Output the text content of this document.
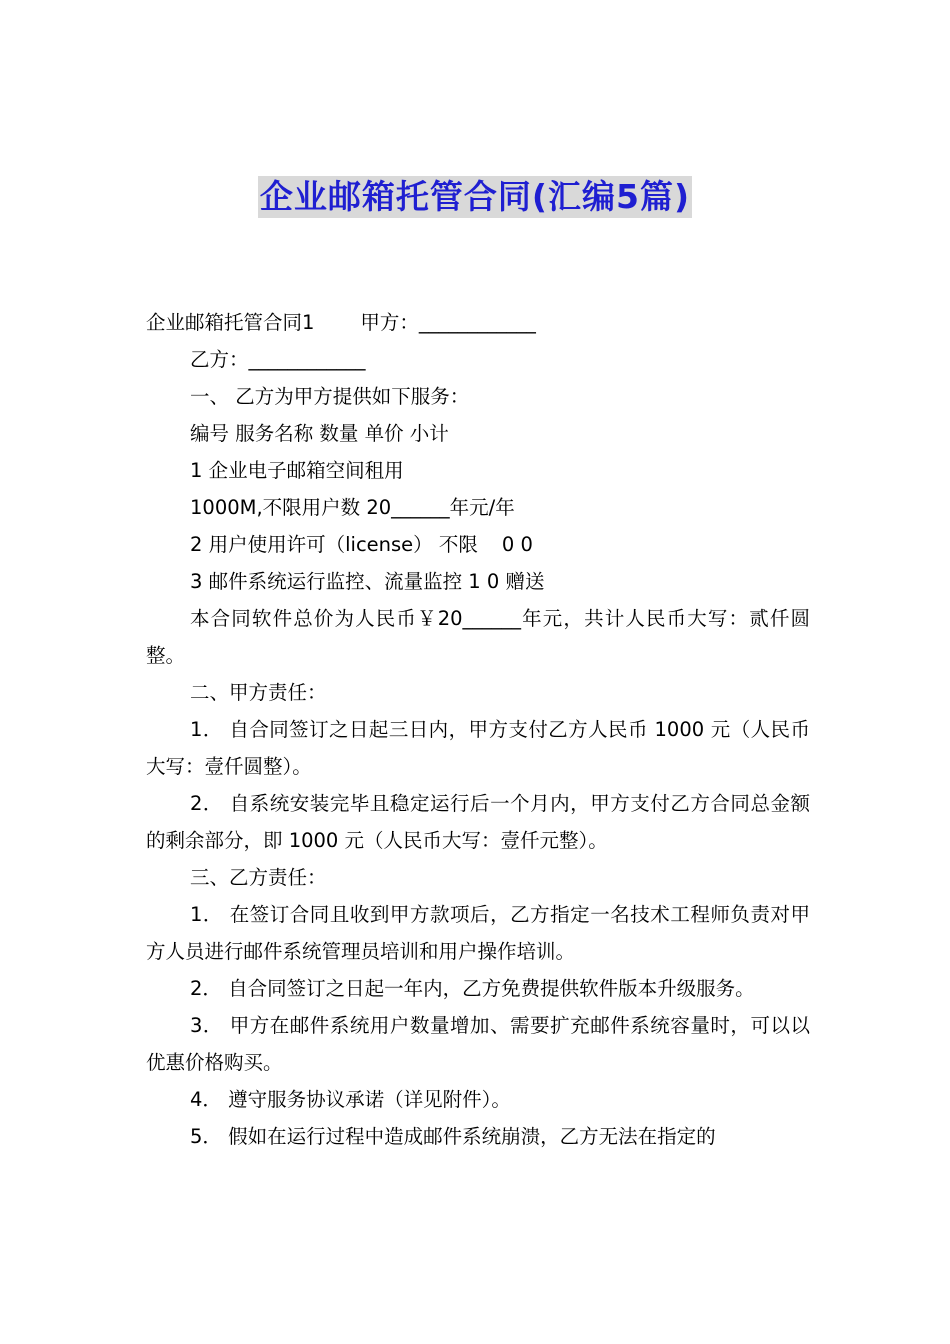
企业邮箱托管合同(汇编5篇)
企业邮箱托管合同1 甲方：____________
乙方：____________
一、 乙方为甲方提供如下服务：
编号 服务名称 数量 单价 小计
1 企业电子邮箱空间租用
1000M,不限用户数 20______年元/年
2 用户使用许可（license） 不限 0 0
3 邮件系统运行监控、流量监控 1 0 赠送
本合同软件总价为人民币￥20______年元，共计人民币大写：贰仟圆整。
二、甲方责任：
1． 自合同签订之日起三日内，甲方支付乙方人民币 1000 元（人民币大写：壹仟圆整）。
2． 自系统安装完毕且稳定运行后一个月内，甲方支付乙方合同总金额的剩余部分，即 1000 元（人民币大写：壹仟元整）。
三、乙方责任：
1． 在签订合同且收到甲方款项后，乙方指定一名技术工程师负责对甲方人员进行邮件系统管理员培训和用户操作培训。
2． 自合同签订之日起一年内，乙方免费提供软件版本升级服务。
3． 甲方在邮件系统用户数量增加、需要扩充邮件系统容量时，可以以优惠价格购买。
4． 遵守服务协议承诺（详见附件）。
5． 假如在运行过程中造成邮件系统崩溃，乙方无法在指定的
